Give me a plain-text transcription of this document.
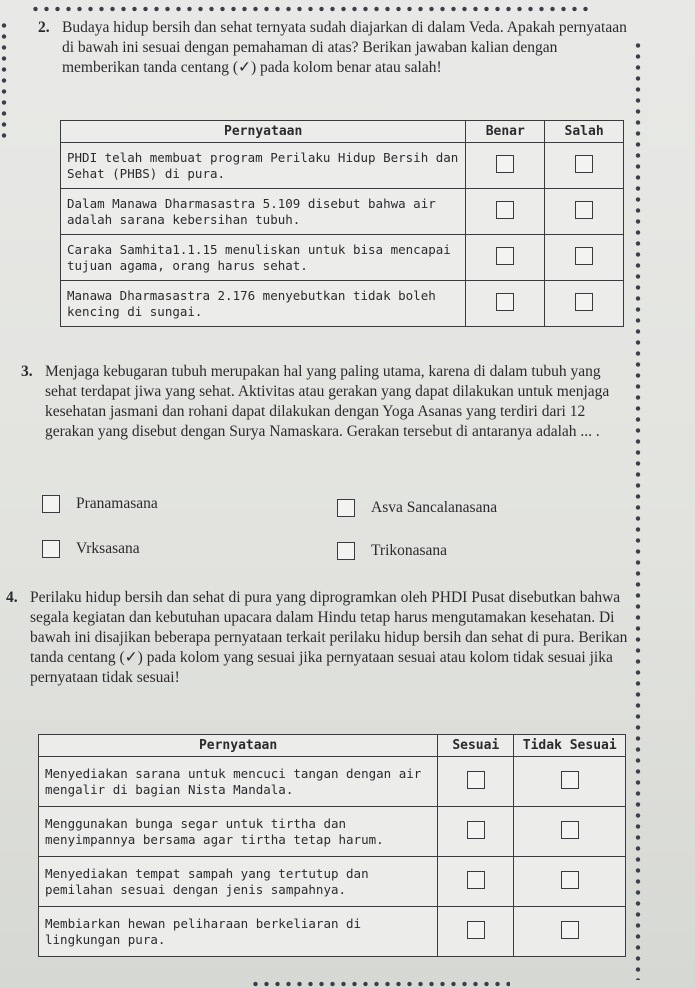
2. Budaya hidup bersih dan sehat ternyata sudah diajarkan di dalam Veda. Apakah pernyataan di bawah ini sesuai dengan pemahaman di atas? Berikan jawaban kalian dengan memberikan tanda centang (✓) pada kolom benar atau salah!

Pernyataan	Benar	Salah
PHDI telah membuat program Perilaku Hidup Bersih dan Sehat (PHBS) di pura.		
Dalam Manawa Dharmasastra 5.109 disebut bahwa air adalah sarana kebersihan tubuh.		
Caraka Samhita1.1.15 menuliskan untuk bisa mencapai tujuan agama, orang harus sehat.		
Manawa Dharmasastra 2.176 menyebutkan tidak boleh kencing di sungai.		
3. Menjaga kebugaran tubuh merupakan hal yang paling utama, karena di dalam tubuh yang sehat terdapat jiwa yang sehat. Aktivitas atau gerakan yang dapat dilakukan untuk menjaga kesehatan jasmani dan rohani dapat dilakukan dengan Yoga Asanas yang terdiri dari 12 gerakan yang disebut dengan Surya Namaskara. Gerakan tersebut di antaranya adalah ... .

Pranamasana	Asva Sancalanasana
Vrksasana	Trikonasana
4. Perilaku hidup bersih dan sehat di pura yang diprogramkan oleh PHDI Pusat disebutkan bahwa segala kegiatan dan kebutuhan upacara dalam Hindu tetap harus mengutamakan kesehatan. Di bawah ini disajikan beberapa pernyataan terkait perilaku hidup bersih dan sehat di pura. Berikan tanda centang (✓) pada kolom yang sesuai jika pernyataan sesuai atau kolom tidak sesuai jika pernyataan tidak sesuai!

Pernyataan	Sesuai	Tidak Sesuai
Menyediakan sarana untuk mencuci tangan dengan air mengalir di bagian Nista Mandala.		
Menggunakan bunga segar untuk tirtha dan menyimpannya bersama agar tirtha tetap harum.		
Menyediakan tempat sampah yang tertutup dan pemilahan sesuai dengan jenis sampahnya.		
Membiarkan hewan peliharaan berkeliaran di lingkungan pura.		
